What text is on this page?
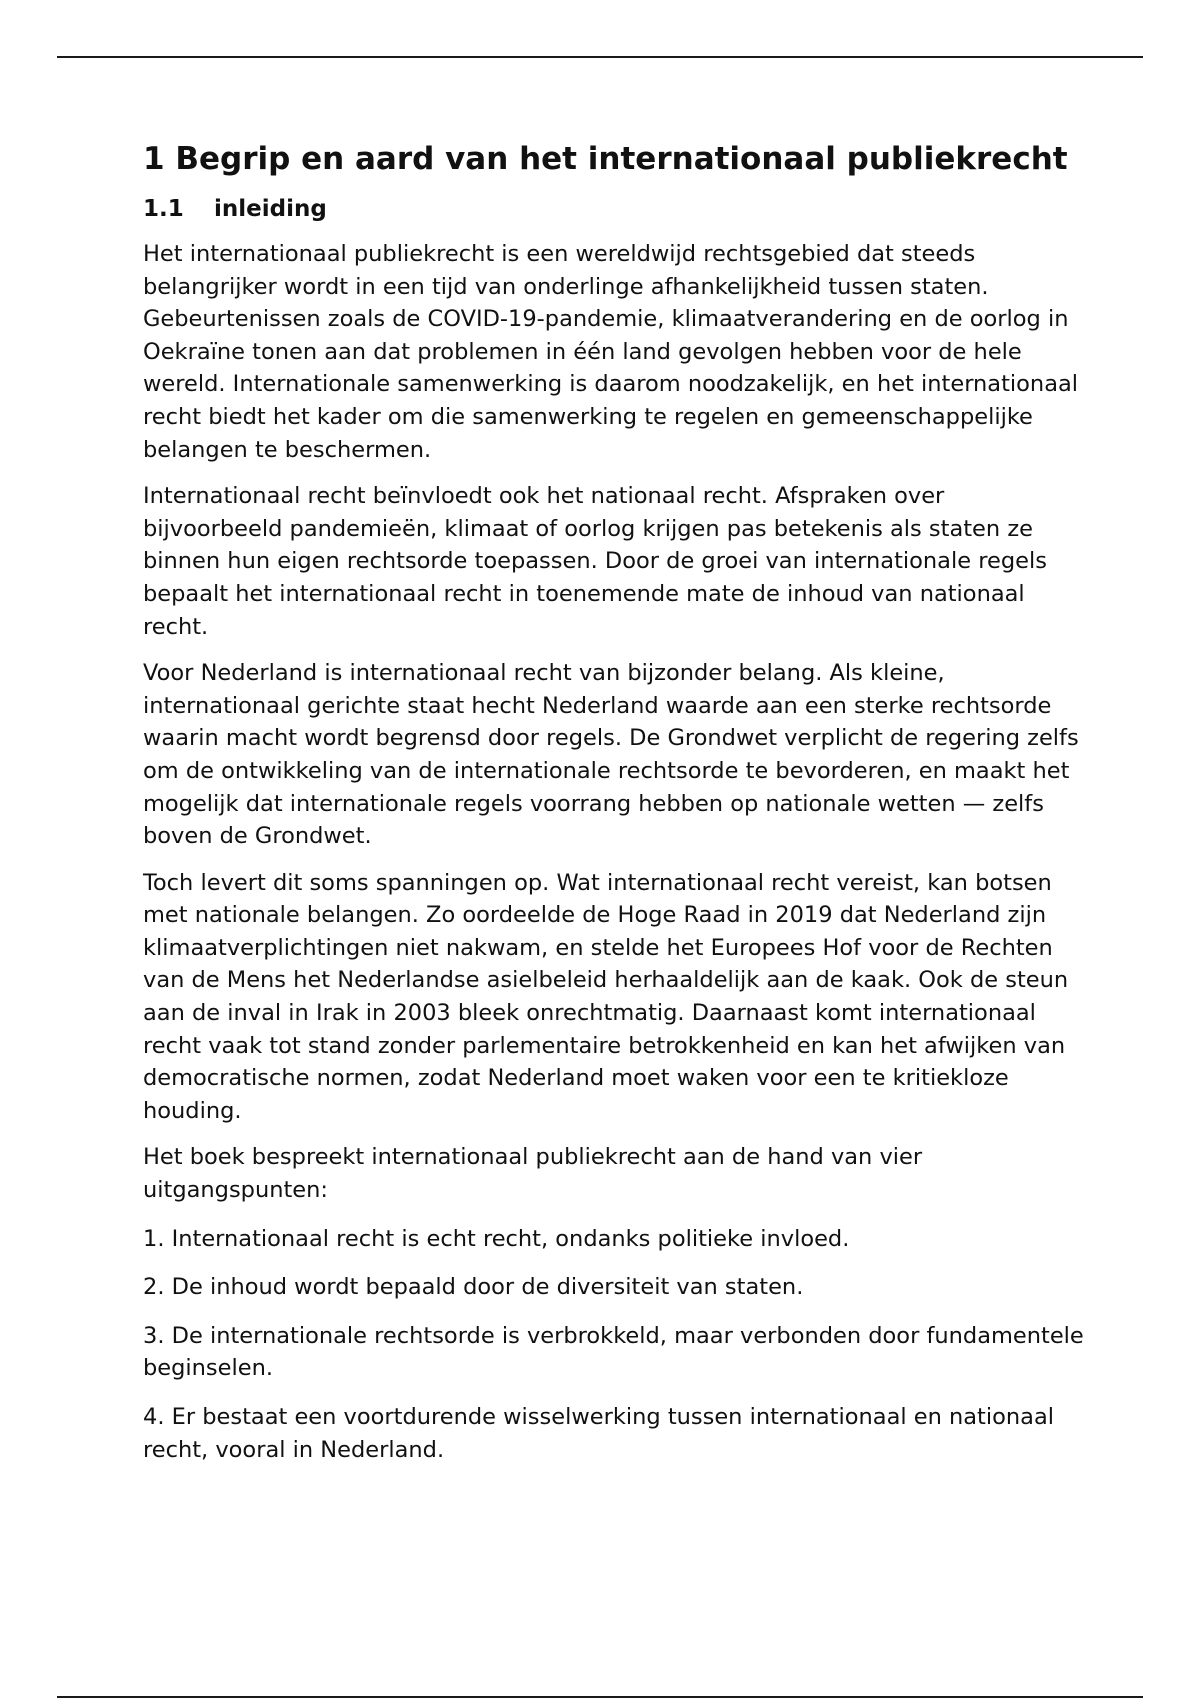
1 Begrip en aard van het internationaal publiekrecht
1.1 inleiding

Het internationaal publiekrecht is een wereldwijd rechtsgebied dat steeds belangrijker wordt in een tijd van onderlinge afhankelijkheid tussen staten. Gebeurtenissen zoals de COVID-19-pandemie, klimaatverandering en de oorlog in Oekraïne tonen aan dat problemen in één land gevolgen hebben voor de hele wereld. Internationale samenwerking is daarom noodzakelijk, en het internationaal recht biedt het kader om die samenwerking te regelen en gemeenschappelijke belangen te beschermen.

Internationaal recht beïnvloedt ook het nationaal recht. Afspraken over bijvoorbeeld pandemieën, klimaat of oorlog krijgen pas betekenis als staten ze binnen hun eigen rechtsorde toepassen. Door de groei van internationale regels bepaalt het internationaal recht in toenemende mate de inhoud van nationaal recht.

Voor Nederland is internationaal recht van bijzonder belang. Als kleine, internationaal gerichte staat hecht Nederland waarde aan een sterke rechtsorde waarin macht wordt begrensd door regels. De Grondwet verplicht de regering zelfs om de ontwikkeling van de internationale rechtsorde te bevorderen, en maakt het mogelijk dat internationale regels voorrang hebben op nationale wetten — zelfs boven de Grondwet.

Toch levert dit soms spanningen op. Wat internationaal recht vereist, kan botsen met nationale belangen. Zo oordeelde de Hoge Raad in 2019 dat Nederland zijn klimaatverplichtingen niet nakwam, en stelde het Europees Hof voor de Rechten van de Mens het Nederlandse asielbeleid herhaaldelijk aan de kaak. Ook de steun aan de inval in Irak in 2003 bleek onrechtmatig. Daarnaast komt internationaal recht vaak tot stand zonder parlementaire betrokkenheid en kan het afwijken van democratische normen, zodat Nederland moet waken voor een te kritiekloze houding.

Het boek bespreekt internationaal publiekrecht aan de hand van vier uitgangspunten:

1. Internationaal recht is echt recht, ondanks politieke invloed.

2. De inhoud wordt bepaald door de diversiteit van staten.

3. De internationale rechtsorde is verbrokkeld, maar verbonden door fundamentele beginselen.

4. Er bestaat een voortdurende wisselwerking tussen internationaal en nationaal recht, vooral in Nederland.
